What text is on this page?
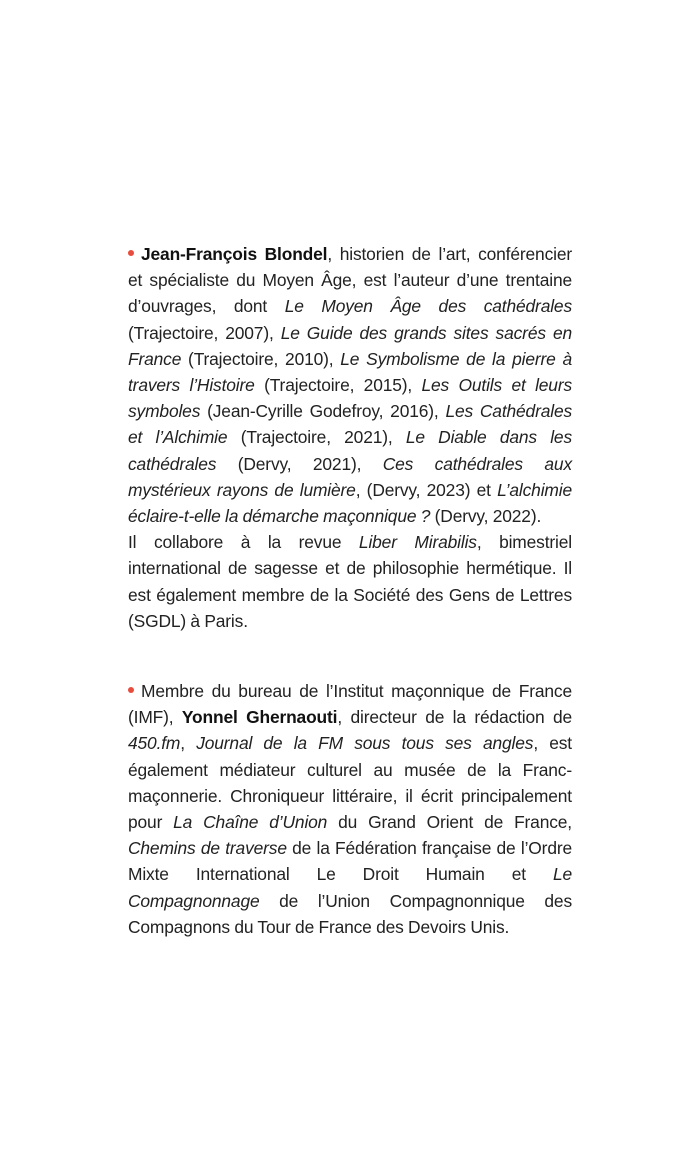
Jean-François Blondel, historien de l’art, conférencier et spécialiste du Moyen Âge, est l’auteur d’une trentaine d’ouvrages, dont Le Moyen Âge des cathédrales (Trajectoire, 2007), Le Guide des grands sites sacrés en France (Trajectoire, 2010), Le Symbolisme de la pierre à travers l’Histoire (Trajectoire, 2015), Les Outils et leurs symboles (Jean-Cyrille Godefroy, 2016), Les Cathédrales et l’Alchimie (Trajectoire, 2021), Le Diable dans les cathédrales (Dervy, 2021), Ces cathédrales aux mystérieux rayons de lumière, (Dervy, 2023) et L’alchimie éclaire-t-elle la démarche maçonnique ? (Dervy, 2022).

Il collabore à la revue Liber Mirabilis, bimestriel international de sagesse et de philosophie hermétique. Il est également membre de la Société des Gens de Lettres (SGDL) à Paris.

Membre du bureau de l’Institut maçonnique de France (IMF), Yonnel Ghernaouti, directeur de la rédaction de 450.fm, Journal de la FM sous tous ses angles, est également médiateur culturel au musée de la Franc-maçonnerie. Chroniqueur littéraire, il écrit principalement pour La Chaîne d’Union du Grand Orient de France, Chemins de traverse de la Fédération française de l’Ordre Mixte International Le Droit Humain et Le Compagnonnage de l’Union Compagnonnique des Compagnons du Tour de France des Devoirs Unis.
